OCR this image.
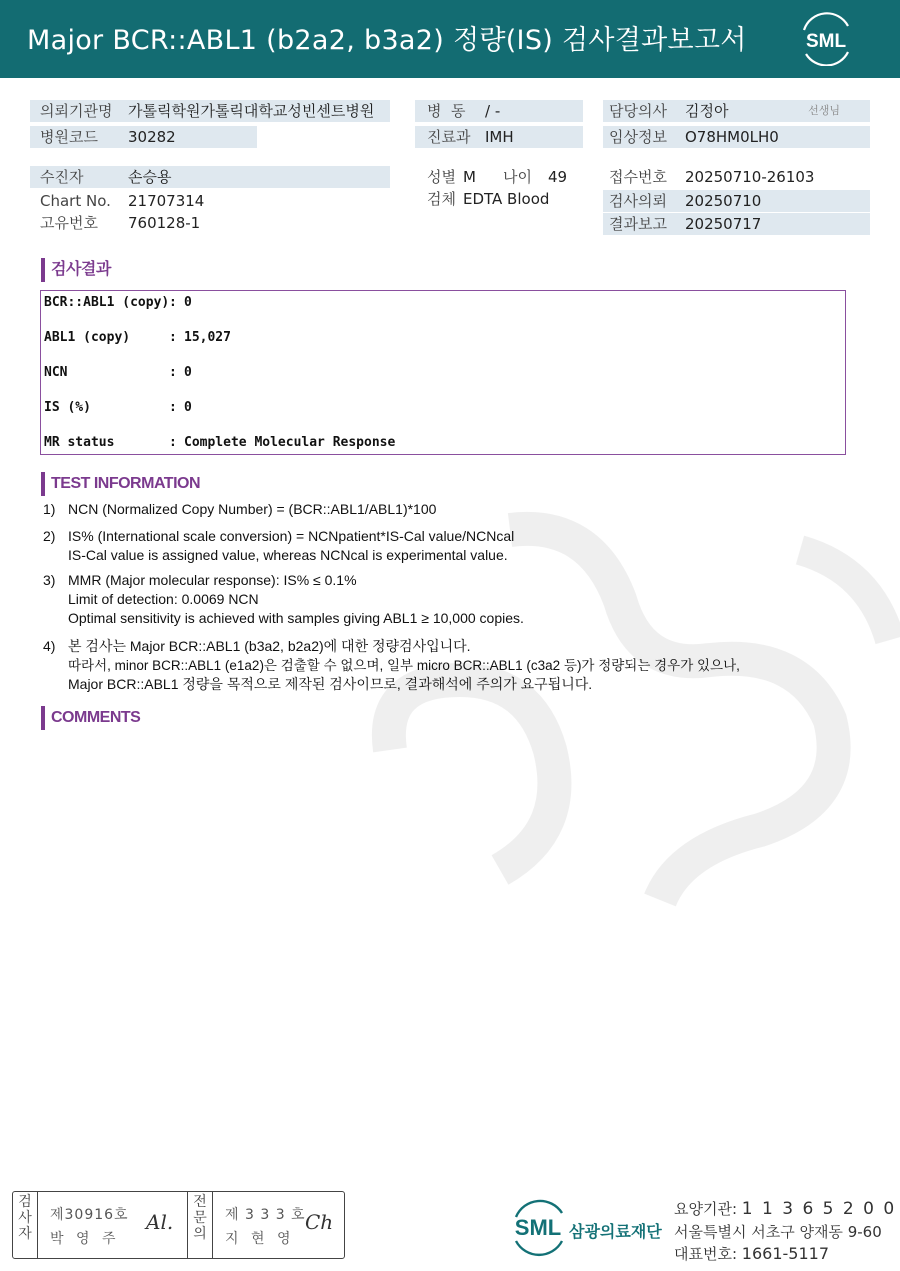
Major BCR::ABL1 (b2a2, b3a2) 정량(IS) 검사결과보고서	SML
의뢰기관명 가톨릭학원가톨릭대학교성빈센트병원	병  동 / -	담당의사 김정아	선생님
병원코드 30282	진료과 IMH	임상정보 O78HM0LH0
수진자	손승용
Chart No. 21707314
고유번호 760128-1
성별 M 나이 49
검체 EDTA Blood
접수번호 20250710-26103
검사의뢰 20250710
결과보고 20250717
검사결과
BCR::ABL1 (copy) : 0
ABL1 (copy)	: 15,027
NCN	: 0
IS (%)	: 0
MR status	: Complete Molecular Response
TEST INFORMATION
1) NCN (Normalized Copy Number) = (BCR::ABL1/ABL1)*100
2) IS% (International scale conversion) = NCNpatient*IS-Cal value/NCNcal
IS-Cal value is assigned value, whereas NCNcal is experimental value.
3) MMR (Major molecular response): IS% ≤ 0.1%
Limit of detection: 0.0069 NCN
Optimal sensitivity is achieved with samples giving ABL1 ≥ 10,000 copies.
4) 본 검사는 Major BCR::ABL1 (b3a2, b2a2)에 대한 정량검사입니다.
따라서, minor BCR::ABL1 (e1a2)은 검출할 수 없으며, 일부 micro BCR::ABL1 (c3a2 등)가 정량되는 경우가 있으나,
Major BCR::ABL1 정량을 목적으로 제작된 검사이므로, 결과해석에 주의가 요구됩니다.
COMMENTS
검
사
자
제30916호
박 영 주
Al.
전
문
의
제 3 3 3 호
지 현 영
Ch	SML 삼광의료재단
요양기관: 1 1 3 6 5 2 0 0
서울특별시 서초구 양재동 9-60
대표번호: 1661-5117
